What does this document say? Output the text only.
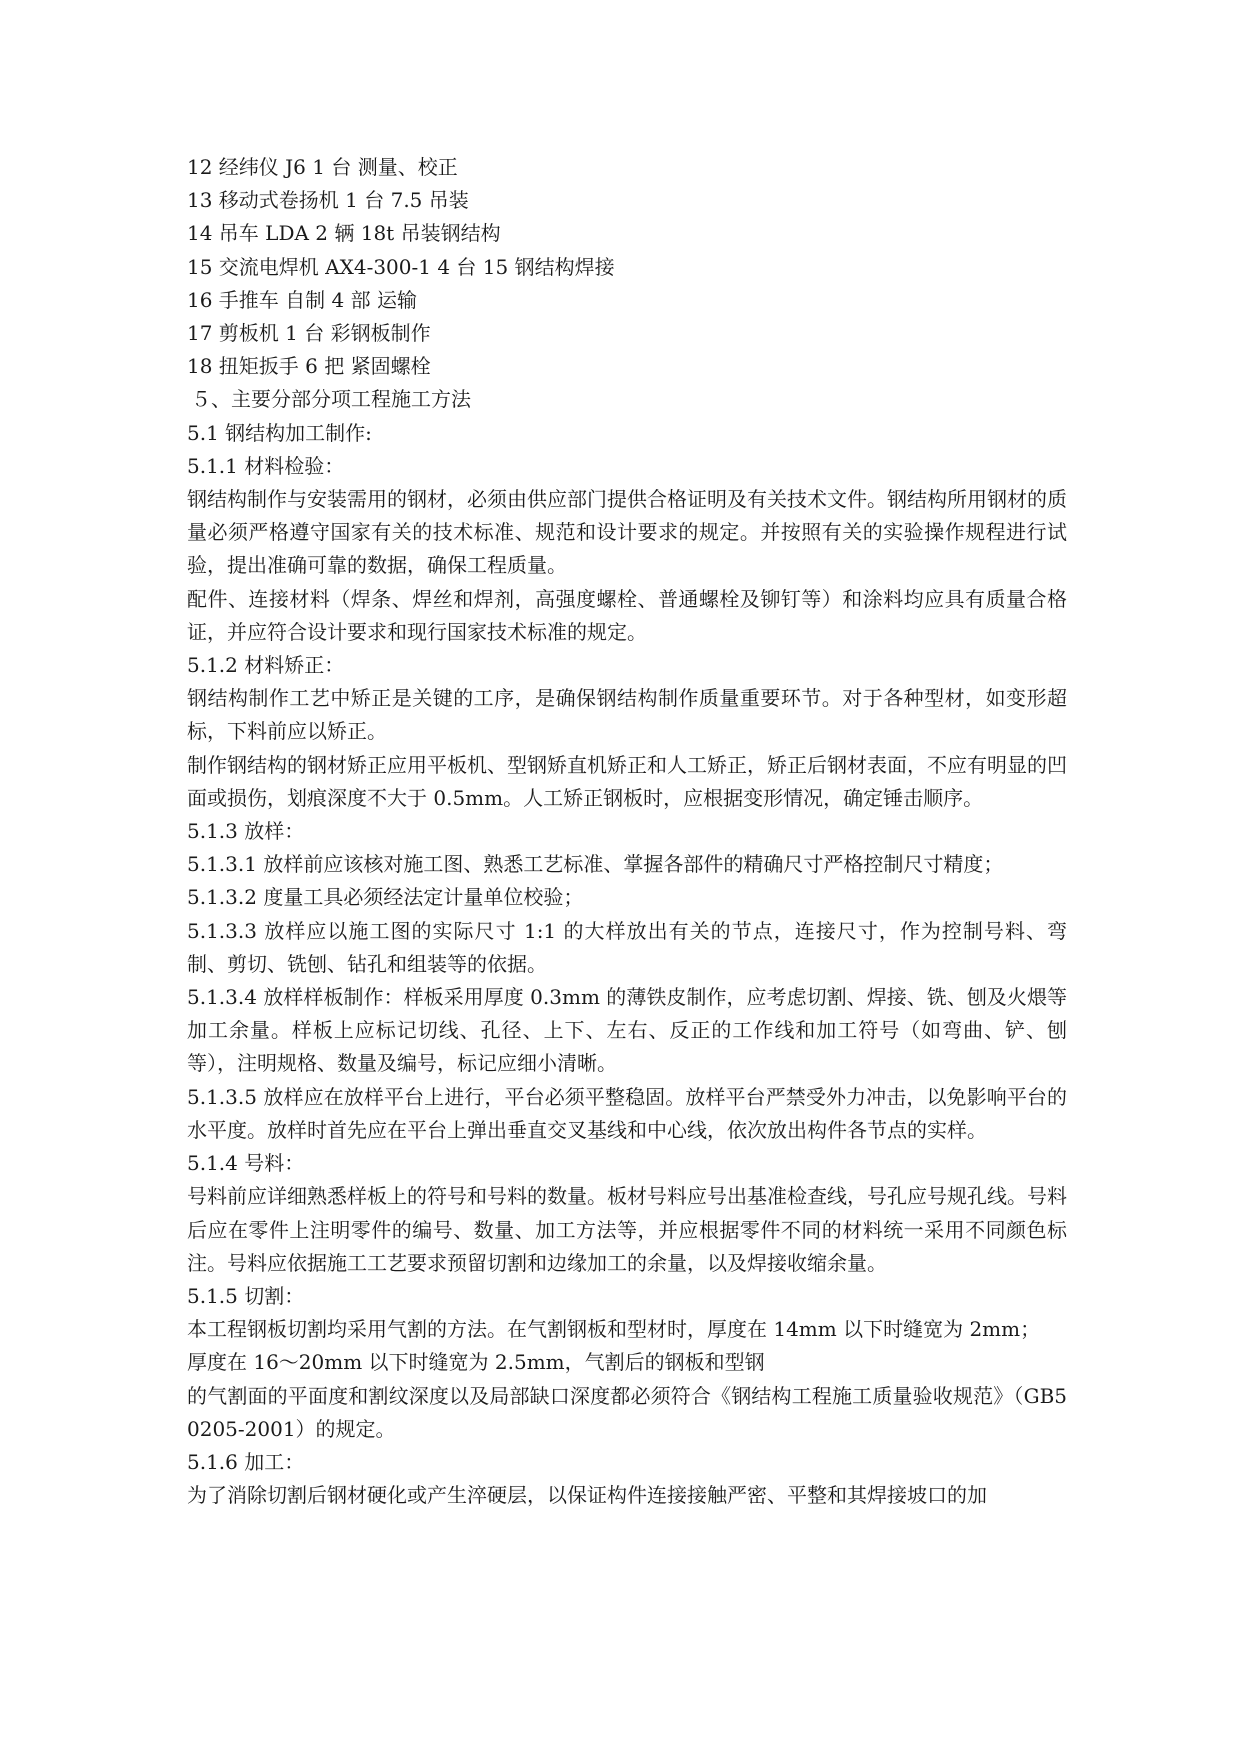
12 经纬仪 J6 1 台 测量、校正

13 移动式卷扬机 1 台 7.5 吊装

14 吊车 LDA 2 辆 18t 吊装钢结构

15 交流电焊机 AX4-300-1 4 台 15 钢结构焊接

16 手推车 自制 4 部 运输

17 剪板机 1 台 彩钢板制作

18 扭矩扳手 6 把 紧固螺栓

５、主要分部分项工程施工方法

5.1 钢结构加工制作:

5.1.1 材料检验：

钢结构制作与安装需用的钢材，必须由供应部门提供合格证明及有关技术文件。钢结构所用钢材的质量必须严格遵守国家有关的技术标准、规范和设计要求的规定。并按照有关的实验操作规程进行试验，提出准确可靠的数据，确保工程质量。

配件、连接材料（焊条、焊丝和焊剂，高强度螺栓、普通螺栓及铆钉等）和涂料均应具有质量合格证，并应符合设计要求和现行国家技术标准的规定。

5.1.2 材料矫正：

钢结构制作工艺中矫正是关键的工序，是确保钢结构制作质量重要环节。对于各种型材，如变形超标，下料前应以矫正。

制作钢结构的钢材矫正应用平板机、型钢矫直机矫正和人工矫正，矫正后钢材表面，不应有明显的凹面或损伤，划痕深度不大于 0.5mm。人工矫正钢板时，应根据变形情况，确定锤击顺序。

5.1.3 放样：

5.1.3.1 放样前应该核对施工图、熟悉工艺标准、掌握各部件的精确尺寸严格控制尺寸精度；

5.1.3.2 度量工具必须经法定计量单位校验；

5.1.3.3 放样应以施工图的实际尺寸 1:1 的大样放出有关的节点，连接尺寸，作为控制号料、弯制、剪切、铣刨、钻孔和组装等的依据。

5.1.3.4 放样样板制作：样板采用厚度 0.3mm 的薄铁皮制作，应考虑切割、焊接、铣、刨及火煨等加工余量。样板上应标记切线、孔径、上下、左右、反正的工作线和加工符号（如弯曲、铲、刨等），注明规格、数量及编号，标记应细小清晰。

5.1.3.5 放样应在放样平台上进行，平台必须平整稳固。放样平台严禁受外力冲击，以免影响平台的水平度。放样时首先应在平台上弹出垂直交叉基线和中心线，依次放出构件各节点的实样。

5.1.4 号料：

号料前应详细熟悉样板上的符号和号料的数量。板材号料应号出基准检查线，号孔应号规孔线。号料后应在零件上注明零件的编号、数量、加工方法等，并应根据零件不同的材料统一采用不同颜色标注。号料应依据施工工艺要求预留切割和边缘加工的余量，以及焊接收缩余量。

5.1.5 切割：

本工程钢板切割均采用气割的方法。在气割钢板和型材时，厚度在 14mm 以下时缝宽为 2mm；

厚度在 16～20mm 以下时缝宽为 2.5mm，气割后的钢板和型钢

的气割面的平面度和割纹深度以及局部缺口深度都必须符合《钢结构工程施工质量验收规范》（GB50205-2001）的规定。

5.1.6 加工：

为了消除切割后钢材硬化或产生淬硬层，以保证构件连接接触严密、平整和其焊接坡口的加
